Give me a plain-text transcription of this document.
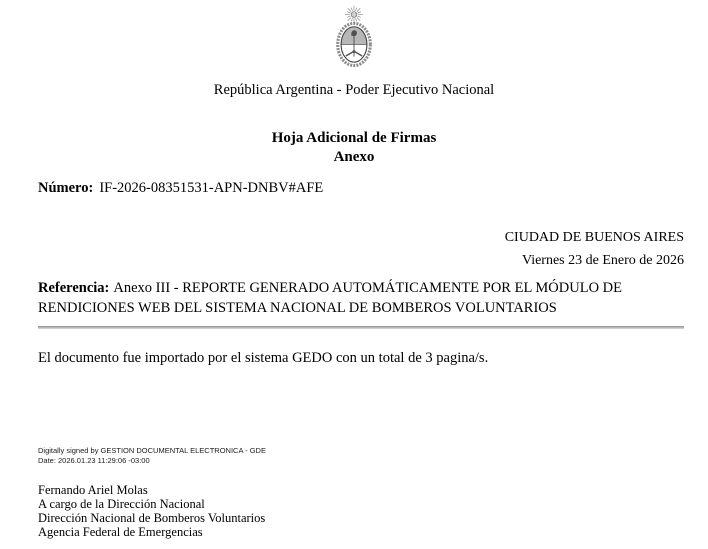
República Argentina - Poder Ejecutivo Nacional
Hoja Adicional de Firmas
Anexo
Número: IF-2026-08351531-APN-DNBV#AFE
CIUDAD DE BUENOS AIRES
Viernes 23 de Enero de 2026
Referencia: Anexo III - REPORTE GENERADO AUTOMÁTICAMENTE POR EL MÓDULO DE RENDICIONES WEB DEL SISTEMA NACIONAL DE BOMBEROS VOLUNTARIOS
El documento fue importado por el sistema GEDO con un total de 3 pagina/s.
Digitally signed by GESTION DOCUMENTAL ELECTRONICA - GDE
Date: 2026.01.23 11:29:06 -03:00
Fernando Ariel Molas
A cargo de la Dirección Nacional
Dirección Nacional de Bomberos Voluntarios
Agencia Federal de Emergencias
